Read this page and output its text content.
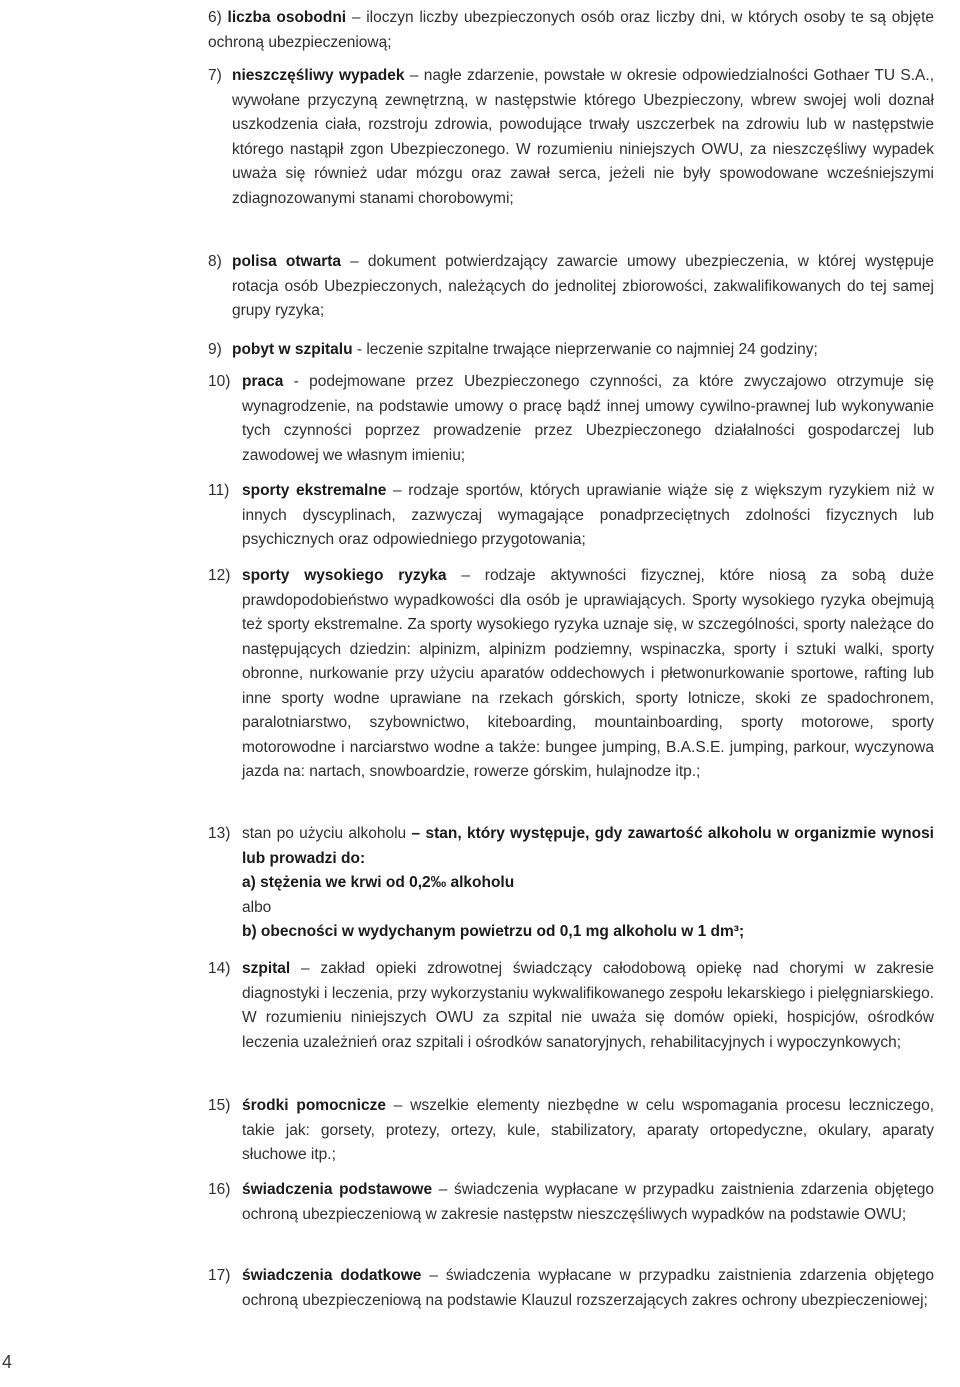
6) liczba osobodni – iloczyn liczby ubezpieczonych osób oraz liczby dni, w których osoby te są objęte ochroną ubezpieczeniową;
7) nieszczęśliwy wypadek – nagłe zdarzenie, powstałe w okresie odpowiedzialności Gothaer TU S.A., wywołane przyczyną zewnętrzną, w następstwie którego Ubezpieczony, wbrew swojej woli doznał uszkodzenia ciała, rozstroju zdrowia, powodujące trwały uszczerbek na zdrowiu lub w następstwie którego nastąpił zgon Ubezpieczonego. W rozumieniu niniejszych OWU, za nieszczęśliwy wypadek uważa się również udar mózgu oraz zawał serca, jeżeli nie były spowodowane wcześniejszymi zdiagnozowanymi stanami chorobowymi;
8) polisa otwarta – dokument potwierdzający zawarcie umowy ubezpieczenia, w której występuje rotacja osób Ubezpieczonych, należących do jednolitej zbiorowości, zakwalifikowanych do tej samej grupy ryzyka;
9) pobyt w szpitalu - leczenie szpitalne trwające nieprzerwanie co najmniej 24 godziny;
10) praca - podejmowane przez Ubezpieczonego czynności, za które zwyczajowo otrzymuje się wynagrodzenie, na podstawie umowy o pracę bądź innej umowy cywilno-prawnej lub wykonywanie tych czynności poprzez prowadzenie przez Ubezpieczonego działalności gospodarczej lub zawodowej we własnym imieniu;
11) sporty ekstremalne – rodzaje sportów, których uprawianie wiąże się z większym ryzykiem niż w innych dyscyplinach, zazwyczaj wymagające ponadprzeciętnych zdolności fizycznych lub psychicznych oraz odpowiedniego przygotowania;
12) sporty wysokiego ryzyka – rodzaje aktywności fizycznej, które niosą za sobą duże prawdopodobieństwo wypadkowości dla osób je uprawiających. Sporty wysokiego ryzyka obejmują też sporty ekstremalne. Za sporty wysokiego ryzyka uznaje się, w szczególności, sporty należące do następujących dziedzin: alpinizm, alpinizm podziemny, wspinaczka, sporty i sztuki walki, sporty obronne, nurkowanie przy użyciu aparatów oddechowych i płetwonurkowanie sportowe, rafting lub inne sporty wodne uprawiane na rzekach górskich, sporty lotnicze, skoki ze spadochronem, paralotniarstwo, szybownictwo, kiteboarding, mountainboarding, sporty motorowe, sporty motorowodne i narciarstwo wodne a także: bungee jumping, B.A.S.E. jumping, parkour, wyczynowa jazda na: nartach, snowboardzie, rowerze górskim, hulajnodze itp.;
13) stan po użyciu alkoholu – stan, który występuje, gdy zawartość alkoholu w organizmie wynosi lub prowadzi do:
a) stężenia we krwi od 0,2‰ alkoholu
albo
b) obecności w wydychanym powietrzu od 0,1 mg alkoholu w 1 dm³;
14) szpital – zakład opieki zdrowotnej świadczący całodobową opiekę nad chorymi w zakresie diagnostyki i leczenia, przy wykorzystaniu wykwalifikowanego zespołu lekarskiego i pielęgniarskiego. W rozumieniu niniejszych OWU za szpital nie uważa się domów opieki, hospicjów, ośrodków leczenia uzależnień oraz szpitali i ośrodków sanatoryjnych, rehabilitacyjnych i wypoczynkowych;
15) środki pomocnicze – wszelkie elementy niezbędne w celu wspomagania procesu leczniczego, takie jak: gorsety, protezy, ortezy, kule, stabilizatory, aparaty ortopedyczne, okulary, aparaty słuchowe itp.;
16) świadczenia podstawowe – świadczenia wypłacane w przypadku zaistnienia zdarzenia objętego ochroną ubezpieczeniową w zakresie następstw nieszczęśliwych wypadków na podstawie OWU;
17) świadczenia dodatkowe – świadczenia wypłacane w przypadku zaistnienia zdarzenia objętego ochroną ubezpieczeniową na podstawie Klauzul rozszerzających zakres ochrony ubezpieczeniowej;
4
